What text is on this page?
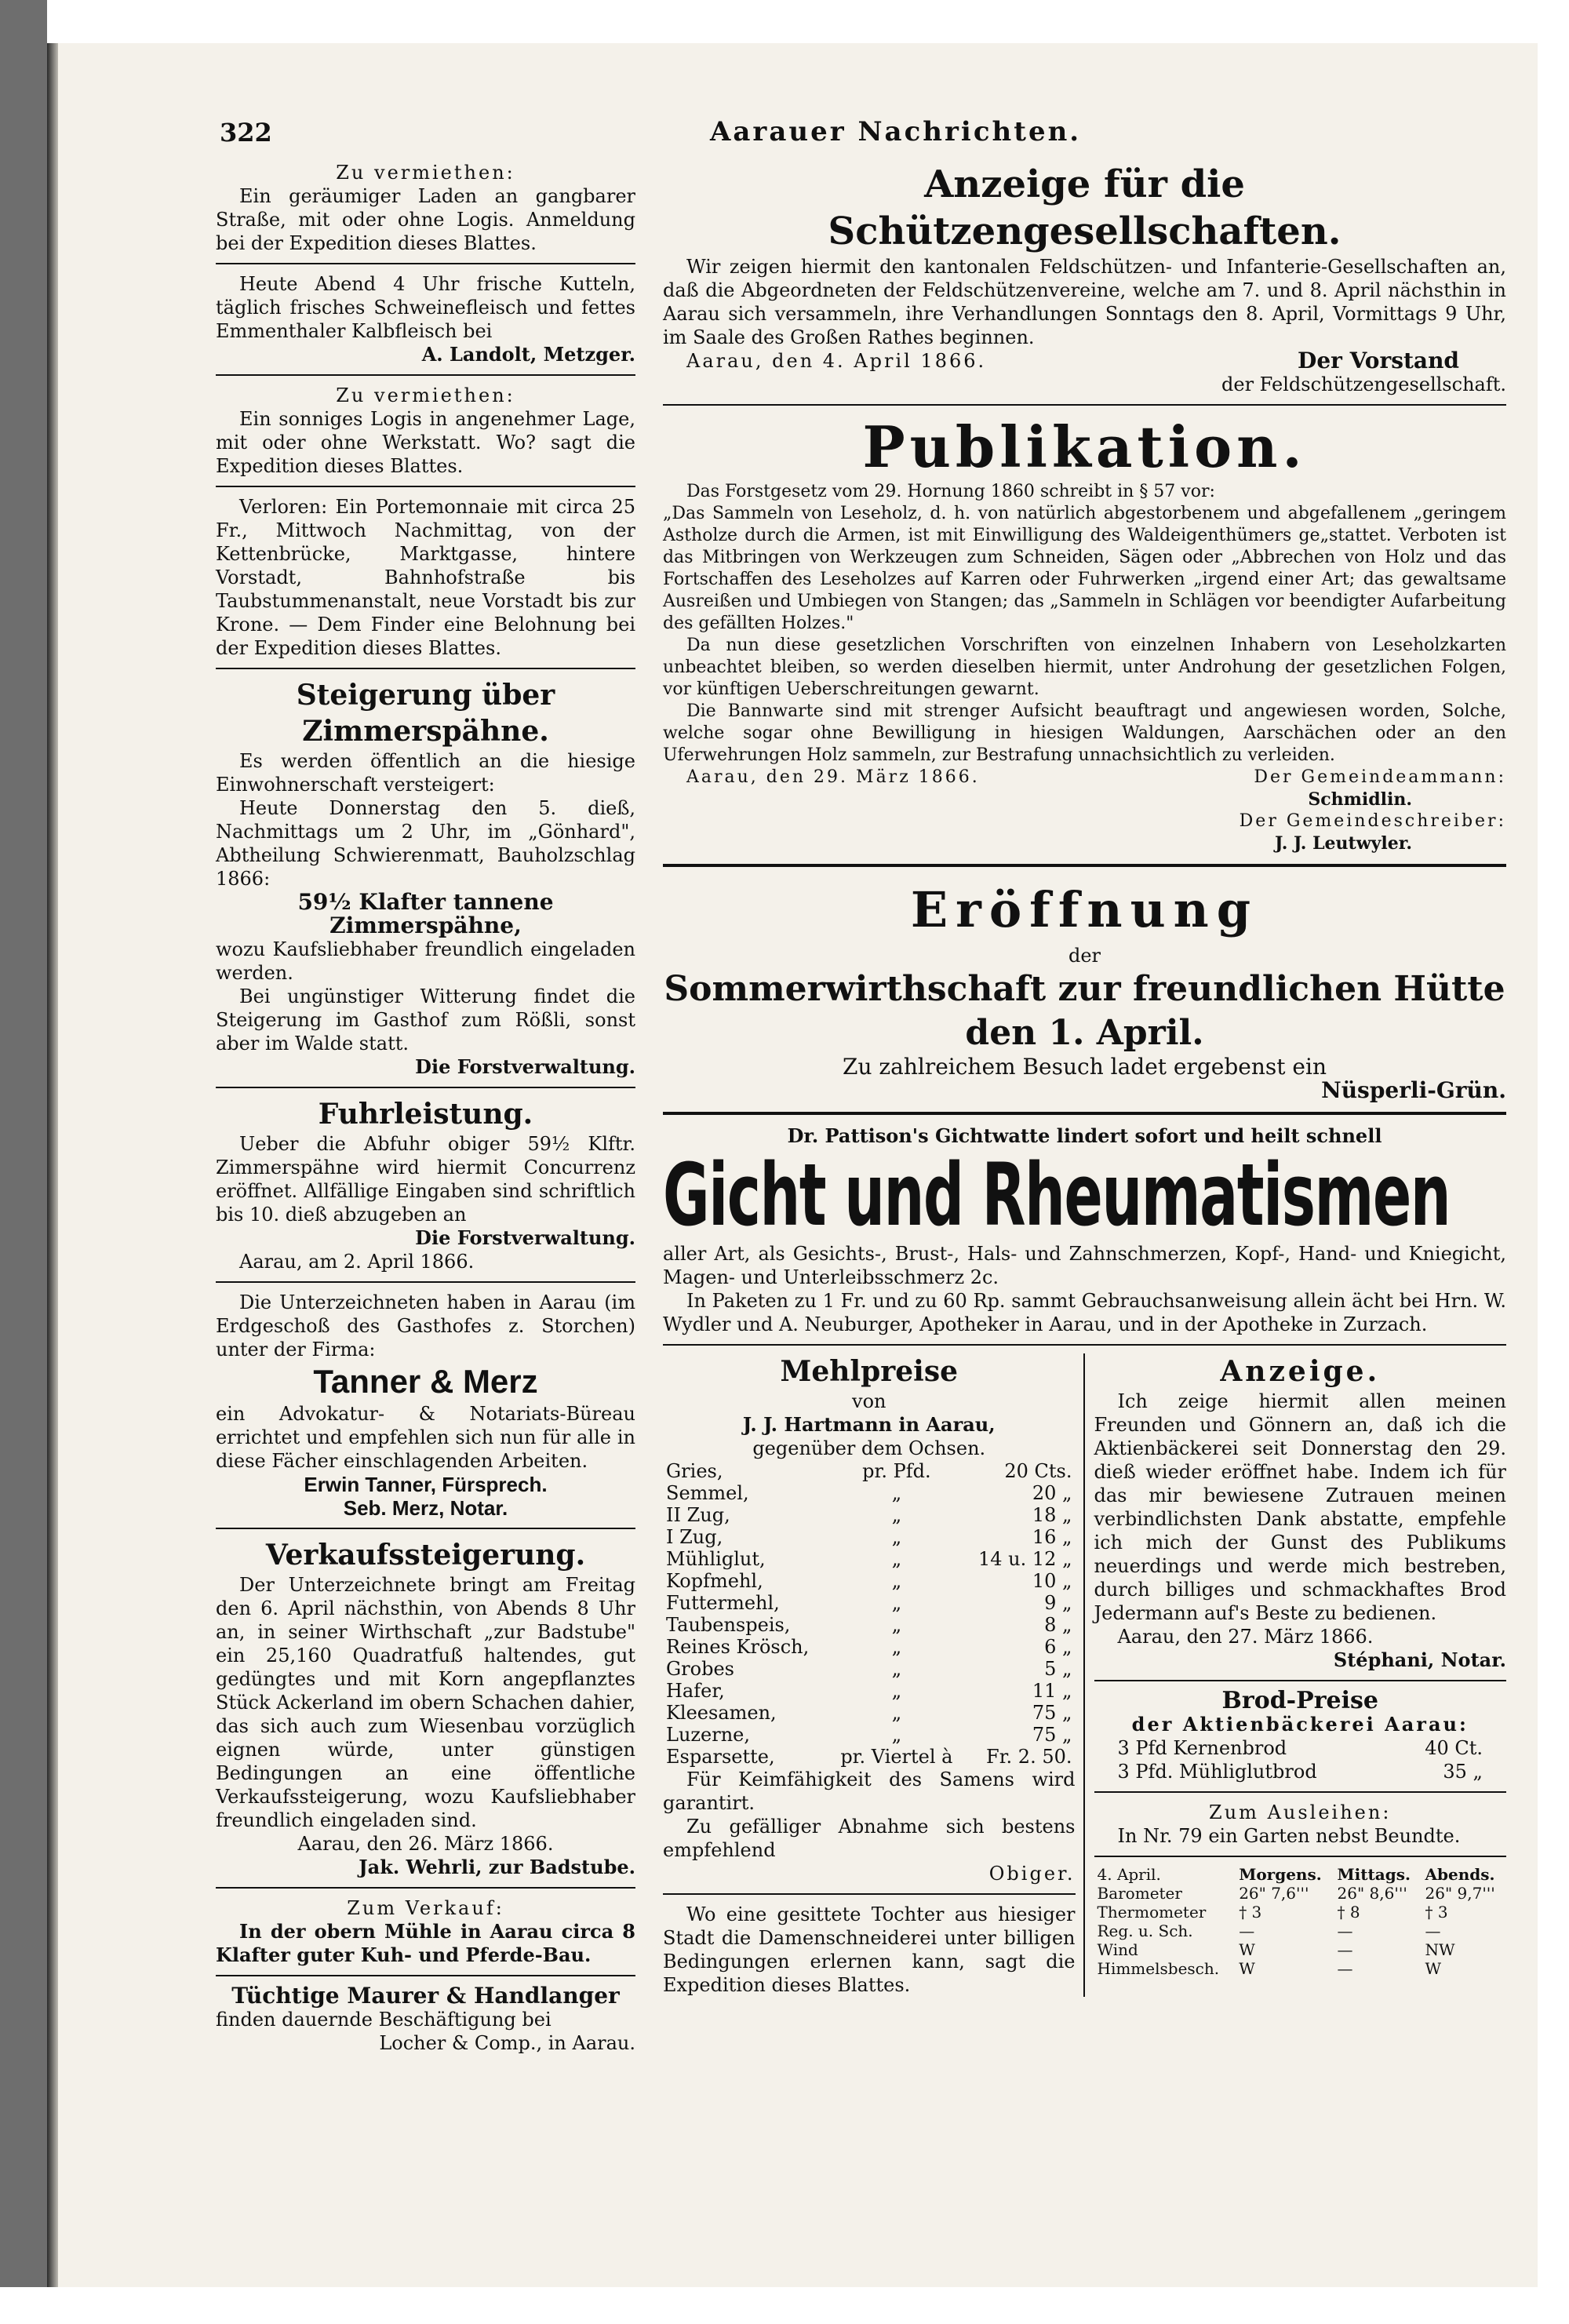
322	Aarauer Nachrichten.

Zu vermiethen:

Ein geräumiger Laden an gangbarer Straße, mit oder ohne Logis. Anmeldung bei der Expedition dieses Blattes.

Heute Abend 4 Uhr frische Kutteln, täglich frisches Schweinefleisch und fettes Emmenthaler Kalbfleisch bei

A. Landolt, Metzger.

Zu vermiethen:

Ein sonniges Logis in angenehmer Lage, mit oder ohne Werkstatt. Wo? sagt die Expedition dieses Blattes.

Verloren: Ein Portemonnaie mit circa 25 Fr., Mittwoch Nachmittag, von der Kettenbrücke, Marktgasse, hintere Vorstadt, Bahnhofstraße bis Taubstummenanstalt, neue Vorstadt bis zur Krone. — Dem Finder eine Belohnung bei der Expedition dieses Blattes.

Steigerung über Zimmerspähne.

Es werden öffentlich an die hiesige Einwohnerschaft versteigert:

Heute Donnerstag den 5. dieß, Nachmittags um 2 Uhr, im „Gönhard", Abtheilung Schwierenmatt, Bauholzschlag 1866:

59½ Klafter tannene Zimmerspähne,

wozu Kaufsliebhaber freundlich eingeladen werden.

Bei ungünstiger Witterung findet die Steigerung im Gasthof zum Rößli, sonst aber im Walde statt.

Die Forstverwaltung.

Fuhrleistung.

Ueber die Abfuhr obiger 59½ Klftr. Zimmerspähne wird hiermit Concurrenz eröffnet. Allfällige Eingaben sind schriftlich bis 10. dieß abzugeben an

Die Forstverwaltung.

Aarau, am 2. April 1866.

Die Unterzeichneten haben in Aarau (im Erdgeschoß des Gasthofes z. Storchen) unter der Firma:

Tanner & Merz

ein Advokatur- & Notariats-Büreau errichtet und empfehlen sich nun für alle in diese Fächer einschlagenden Arbeiten.

Erwin Tanner, Fürsprech.

Seb. Merz, Notar.

Verkaufssteigerung.

Der Unterzeichnete bringt am Freitag den 6. April nächsthin, von Abends 8 Uhr an, in seiner Wirthschaft „zur Badstube" ein 25,160 Quadratfuß haltendes, gut gedüngtes und mit Korn angepflanztes Stück Ackerland im obern Schachen dahier, das sich auch zum Wiesenbau vorzüglich eignen würde, unter günstigen Bedingungen an eine öffentliche Verkaufssteigerung, wozu Kaufsliebhaber freundlich eingeladen sind.

Aarau, den 26. März 1866.

Jak. Wehrli, zur Badstube.

Zum Verkauf:

In der obern Mühle in Aarau circa 8 Klafter guter Kuh- und Pferde-Bau.

Tüchtige Maurer & Handlanger

finden dauernde Beschäftigung bei

Locher & Comp., in Aarau.

Anzeige für die Schützengesellschaften.

Wir zeigen hiermit den kantonalen Feldschützen- und Infanterie-Gesellschaften an, daß die Abgeordneten der Feldschützenvereine, welche am 7. und 8. April nächsthin in Aarau sich versammeln, ihre Verhandlungen Sonntags den 8. April, Vormittags 9 Uhr, im Saale des Großen Rathes beginnen.

Aarau, den 4. April 1866.	Der Vorstand

der Feldschützengesellschaft.

Publikation.

Das Forstgesetz vom 29. Hornung 1860 schreibt in § 57 vor:

„Das Sammeln von Leseholz, d. h. von natürlich abgestorbenem und abgefallenem „geringem Astholze durch die Armen, ist mit Einwilligung des Waldeigenthümers ge„stattet. Verboten ist das Mitbringen von Werkzeugen zum Schneiden, Sägen oder „Abbrechen von Holz und das Fortschaffen des Leseholzes auf Karren oder Fuhrwerken „irgend einer Art; das gewaltsame Ausreißen und Umbiegen von Stangen; das „Sammeln in Schlägen vor beendigter Aufarbeitung des gefällten Holzes."

Da nun diese gesetzlichen Vorschriften von einzelnen Inhabern von Leseholzkarten unbeachtet bleiben, so werden dieselben hiermit, unter Androhung der gesetzlichen Folgen, vor künftigen Ueberschreitungen gewarnt.

Die Bannwarte sind mit strenger Aufsicht beauftragt und angewiesen worden, Solche, welche sogar ohne Bewilligung in hiesigen Waldungen, Aarschächen oder an den Uferwehrungen Holz sammeln, zur Bestrafung unnachsichtlich zu verleiden.

Aarau, den 29. März 1866.	Der Gemeindeammann:

Schmidlin.

Der Gemeindeschreiber:

J. J. Leutwyler.

Eröffnung

der

Sommerwirthschaft zur freundlichen Hütte

den 1. April.

Zu zahlreichem Besuch ladet ergebenst ein

Nüsperli-Grün.

Dr. Pattison's Gichtwatte lindert sofort und heilt schnell

Gicht und Rheumatismen

aller Art, als Gesichts-, Brust-, Hals- und Zahnschmerzen, Kopf-, Hand- und Kniegicht, Magen- und Unterleibsschmerz 2c.

In Paketen zu 1 Fr. und zu 60 Rp. sammt Gebrauchsanweisung allein ächt bei Hrn. W. Wydler und A. Neuburger, Apotheker in Aarau, und in der Apotheke in Zurzach.

Mehlpreise

von

J. J. Hartmann in Aarau,

gegenüber dem Ochsen.

Gries,	pr. Pfd.	20 Cts.
Semmel,	„	20 „
II Zug,	„	18 „
I Zug,	„	16 „
Mühliglut,	„	14 u. 12 „
Kopfmehl,	„	10 „
Futtermehl,	„	9 „
Taubenspeis,	„	8 „
Reines Krösch,	„	6 „
Grobes	„	5 „
Hafer,	„	11 „
Kleesamen,	„	75 „
Luzerne,	„	75 „
Esparsette,	pr. Viertel à	Fr. 2. 50.

Für Keimfähigkeit des Samens wird garantirt.

Zu gefälliger Abnahme sich bestens empfehlend

Obiger.

Wo eine gesittete Tochter aus hiesiger Stadt die Damenschneiderei unter billigen Bedingungen erlernen kann, sagt die Expedition dieses Blattes.

Anzeige.

Ich zeige hiermit allen meinen Freunden und Gönnern an, daß ich die Aktienbäckerei seit Donnerstag den 29. dieß wieder eröffnet habe. Indem ich für das mir bewiesene Zutrauen meinen verbindlichsten Dank abstatte, empfehle ich mich der Gunst des Publikums neuerdings und werde mich bestreben, durch billiges und schmackhaftes Brod Jedermann auf's Beste zu bedienen.

Aarau, den 27. März 1866.

Stéphani, Notar.

Brod-Preise

der Aktienbäckerei Aarau:

3 Pfd Kernenbrod	40 Ct.
3 Pfd. Mühliglutbrod	35 „

Zum Ausleihen:

In Nr. 79 ein Garten nebst Beundte.

4. April.	Morgens.	Mittags.	Abends.
Barometer	26" 7,6'''	26" 8,6'''	26" 9,7'''
Thermometer	† 3	† 8	† 3
Reg. u. Sch.	—	—	—
Wind	W	—	NW
Himmelsbesch.	W	—	W
